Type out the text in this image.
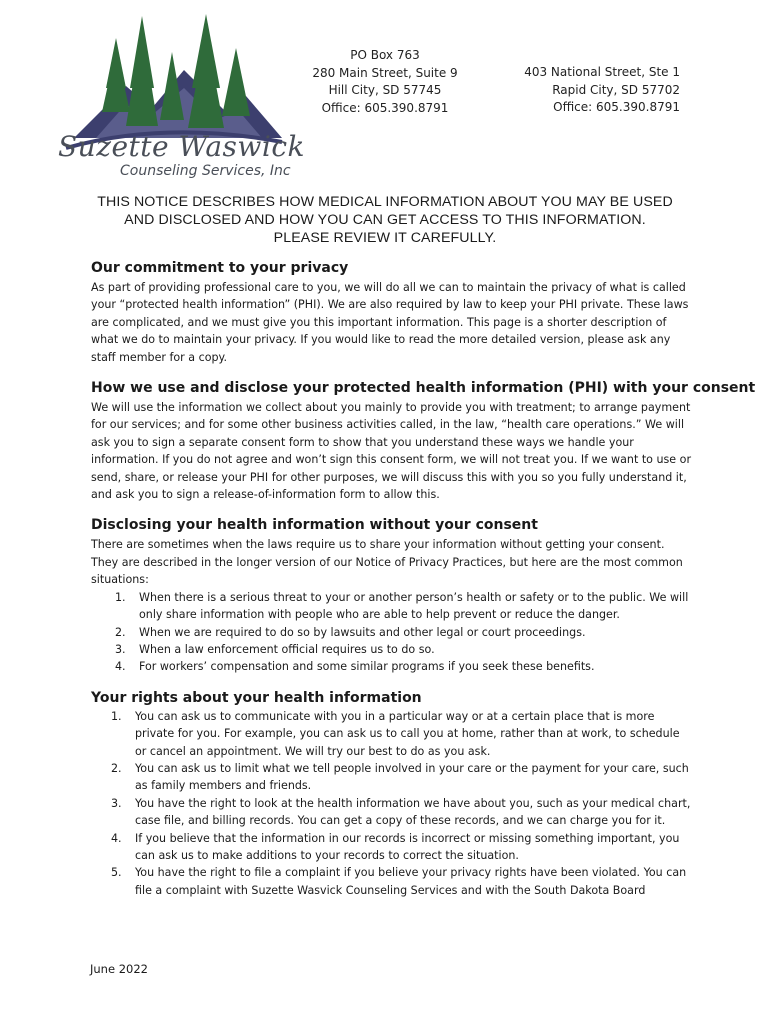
Suzette Waswick
Counseling Services, Inc
PO Box 763
280 Main Street, Suite 9
Hill City, SD 57745
Office: 605.390.8791
403 National Street, Ste 1
Rapid City, SD 57702
Office: 605.390.8791
THIS NOTICE DESCRIBES HOW MEDICAL INFORMATION ABOUT YOU MAY BE USED
AND DISCLOSED AND HOW YOU CAN GET ACCESS TO THIS INFORMATION.
PLEASE REVIEW IT CAREFULLY.
Our commitment to your privacy

As part of providing professional care to you, we will do all we can to maintain the privacy of what is called your “protected health information” (PHI). We are also required by law to keep your PHI private. These laws are complicated, and we must give you this important information. This page is a shorter description of what we do to maintain your privacy. If you would like to read the more detailed version, please ask any staff member for a copy.

How we use and disclose your protected health information (PHI) with your consent

We will use the information we collect about you mainly to provide you with treatment; to arrange payment for our services; and for some other business activities called, in the law, “health care operations.” We will ask you to sign a separate consent form to show that you understand these ways we handle your information. If you do not agree and won’t sign this consent form, we will not treat you. If we want to use or send, share, or release your PHI for other purposes, we will discuss this with you so you fully understand it, and ask you to sign a release-of-information form to allow this.

Disclosing your health information without your consent

There are sometimes when the laws require us to share your information without getting your consent. They are described in the longer version of our Notice of Privacy Practices, but here are the most common situations:

1. When there is a serious threat to your or another person’s health or safety or to the public. We will only share information with people who are able to help prevent or reduce the danger.
2. When we are required to do so by lawsuits and other legal or court proceedings.
3. When a law enforcement official requires us to do so.
4. For workers’ compensation and some similar programs if you seek these benefits.
Your rights about your health information
1. You can ask us to communicate with you in a particular way or at a certain place that is more private for you. For example, you can ask us to call you at home, rather than at work, to schedule or cancel an appointment. We will try our best to do as you ask.
2. You can ask us to limit what we tell people involved in your care or the payment for your care, such as family members and friends.
3. You have the right to look at the health information we have about you, such as your medical chart, case file, and billing records. You can get a copy of these records, and we can charge you for it.
4. If you believe that the information in our records is incorrect or missing something important, you can ask us to make additions to your records to correct the situation.
5. You have the right to file a complaint if you believe your privacy rights have been violated. You can file a complaint with Suzette Wasvick Counseling Services and with the South Dakota Board
June 2022
